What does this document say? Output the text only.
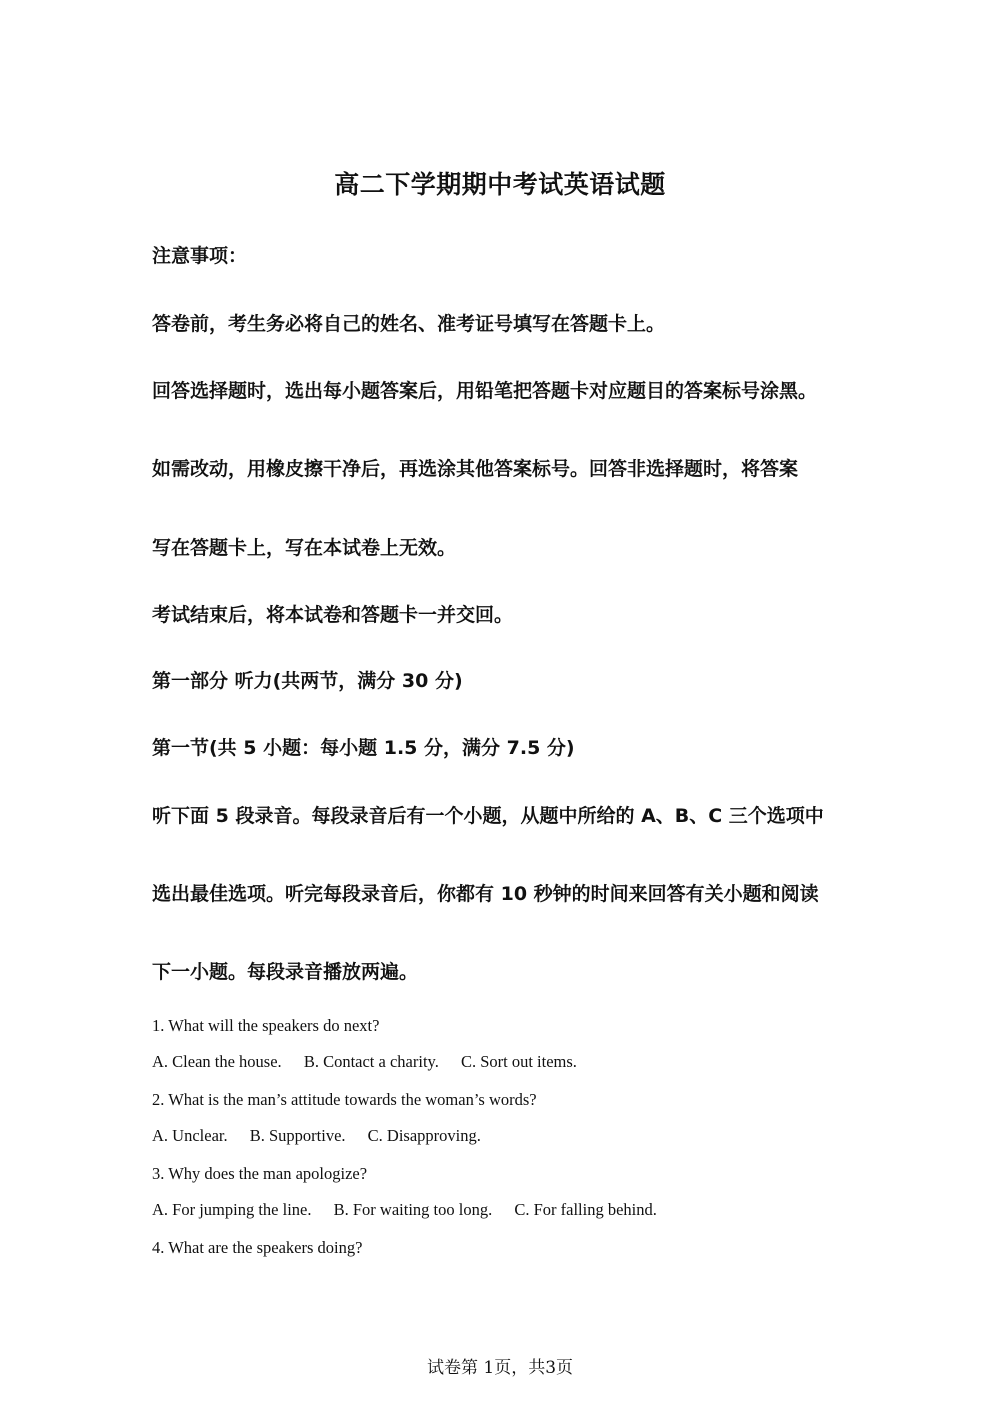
高二下学期期中考试英语试题
注意事项：
答卷前，考生务必将自己的姓名、准考证号填写在答题卡上。
回答选择题时，选出每小题答案后，用铅笔把答题卡对应题目的答案标号涂黑。
如需改动，用橡皮擦干净后，再选涂其他答案标号。回答非选择题时，将答案
写在答题卡上，写在本试卷上无效。
考试结束后，将本试卷和答题卡一并交回。
第一部分 听力(共两节，满分 30 分)
第一节(共 5 小题：每小题 1.5 分，满分 7.5 分)
听下面 5 段录音。每段录音后有一个小题，从题中所给的 A、B、C 三个选项中
选出最佳选项。听完每段录音后，你都有 10 秒钟的时间来回答有关小题和阅读
下一小题。每段录音播放两遍。
1. What will the speakers do next?
A. Clean the house. B. Contact a charity. C. Sort out items.
2. What is the man’s attitude towards the woman’s words?
A. Unclear. B. Supportive. C. Disapproving.
3. Why does the man apologize?
A. For jumping the line. B. For waiting too long. C. For falling behind.
4. What are the speakers doing?
试卷第 1页，共3页
